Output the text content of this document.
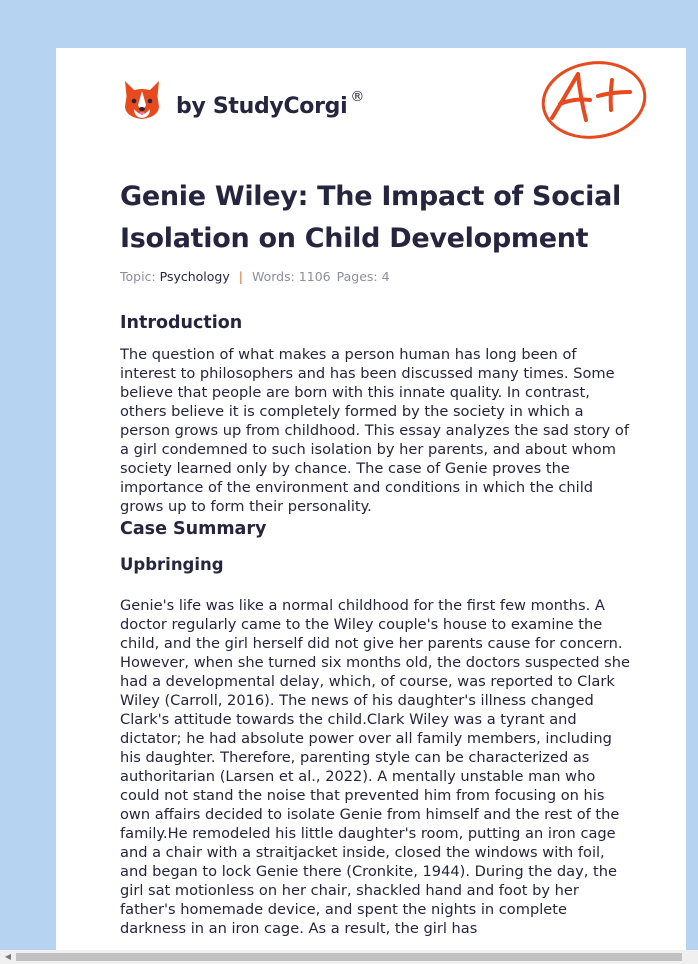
by StudyCorgi ®
Genie Wiley: The Impact of Social Isolation on Child Development
Topic: Psychology | Words: 1106 Pages: 4
Introduction

The question of what makes a person human has long been of interest to philosophers and has been discussed many times. Some believe that people are born with this innate quality. In contrast, others believe it is completely formed by the society in which a person grows up from childhood. This essay analyzes the sad story of a girl condemned to such isolation by her parents, and about whom society learned only by chance. The case of Genie proves the importance of the environment and conditions in which the child grows up to form their personality.

Case Summary
Upbringing

Genie's life was like a normal childhood for the first few months. A doctor regularly came to the Wiley couple's house to examine the child, and the girl herself did not give her parents cause for concern. However, when she turned six months old, the doctors suspected she had a developmental delay, which, of course, was reported to Clark Wiley (Carroll, 2016). The news of his daughter's illness changed Clark's attitude towards the child.Clark Wiley was a tyrant and dictator; he had absolute power over all family members, including his daughter. Therefore, parenting style can be characterized as authoritarian (Larsen et al., 2022). A mentally unstable man who could not stand the noise that prevented him from focusing on his own affairs decided to isolate Genie from himself and the rest of the family.He remodeled his little daughter's room, putting an iron cage and a chair with a straitjacket inside, closed the windows with foil, and began to lock Genie there (Cronkite, 1944). During the day, the girl sat motionless on her chair, shackled hand and foot by her father's homemade device, and spent the nights in complete darkness in an iron cage. As a result, the girl has

◀
